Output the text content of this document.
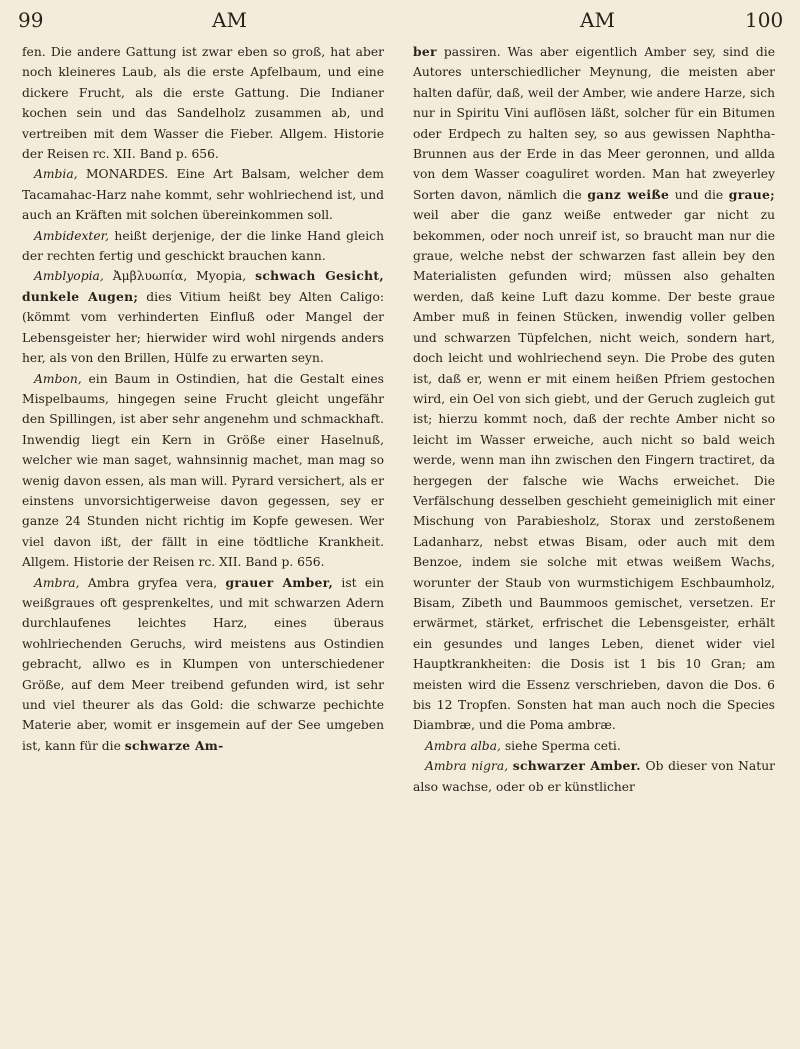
99	AM	AM	100

fen. Die andere Gattung ist zwar eben so groß, hat aber noch kleineres Laub, als die erste Apfelbaum, und eine dickere Frucht, als die erste Gattung. Die Indianer kochen sein und das Sandelholz zusammen ab, und vertreiben mit dem Wasser die Fieber. Allgem. Historie der Reisen rc. XII. Band p. 656.

Ambia, MONARDES. Eine Art Balsam, welcher dem Tacamahac-Harz nahe kommt, sehr wohlriechend ist, und auch an Kräften mit solchen übereinkommen soll.

Ambidexter, heißt derjenige, der die linke Hand gleich der rechten fertig und geschickt brauchen kann.

Amblyopia, Ἀμβλυωπία, Myopia, schwach Gesicht, dunkele Augen; dies Vitium heißt bey Alten Caligo: (kömmt vom verhinderten Einfluß oder Mangel der Lebensgeister her; hierwider wird wohl nirgends anders her, als von den Brillen, Hülfe zu erwarten seyn.

Ambon, ein Baum in Ostindien, hat die Gestalt eines Mispelbaums, hingegen seine Frucht gleicht ungefähr den Spillingen, ist aber sehr angenehm und schmackhaft. Inwendig liegt ein Kern in Größe einer Haselnuß, welcher wie man saget, wahnsinnig machet, man mag so wenig davon essen, als man will. Pyrard versichert, als er einstens unvorsichtigerweise davon gegessen, sey er ganze 24 Stunden nicht richtig im Kopfe gewesen. Wer viel davon ißt, der fällt in eine tödtliche Krankheit. Allgem. Historie der Reisen rc. XII. Band p. 656.

Ambra, Ambra gryfea vera, grauer Amber, ist ein weißgraues oft gesprenkeltes, und mit schwarzen Adern durchlaufenes leichtes Harz, eines überaus wohlriechenden Geruchs, wird meistens aus Ostindien gebracht, allwo es in Klumpen von unterschiedener Größe, auf dem Meer treibend gefunden wird, ist sehr und viel theurer als das Gold: die schwarze pechichte Materie aber, womit er insgemein auf der See umgeben ist, kann für die schwarze Am-

ber passiren. Was aber eigentlich Amber sey, sind die Autores unterschiedlicher Meynung, die meisten aber halten dafür, daß, weil der Amber, wie andere Harze, sich nur in Spiritu Vini auflösen läßt, solcher für ein Bitumen oder Erdpech zu halten sey, so aus gewissen Naphtha-Brunnen aus der Erde in das Meer geronnen, und allda von dem Wasser coaguliret worden. Man hat zweyerley Sorten davon, nämlich die ganz weiße und die graue; weil aber die ganz weiße entweder gar nicht zu bekommen, oder noch unreif ist, so braucht man nur die graue, welche nebst der schwarzen fast allein bey den Materialisten gefunden wird; müssen also gehalten werden, daß keine Luft dazu komme. Der beste graue Amber muß in feinen Stücken, inwendig voller gelben und schwarzen Tüpfelchen, nicht weich, sondern hart, doch leicht und wohlriechend seyn. Die Probe des guten ist, daß er, wenn er mit einem heißen Pfriem gestochen wird, ein Oel von sich giebt, und der Geruch zugleich gut ist; hierzu kommt noch, daß der rechte Amber nicht so leicht im Wasser erweiche, auch nicht so bald weich werde, wenn man ihn zwischen den Fingern tractiret, da hergegen der falsche wie Wachs erweichet. Die Verfälschung desselben geschieht gemeiniglich mit einer Mischung von Parabiesholz, Storax und zerstoßenem Ladanharz, nebst etwas Bisam, oder auch mit dem Benzoe, indem sie solche mit etwas weißem Wachs, worunter der Staub von wurmstichigem Eschbaumholz, Bisam, Zibeth und Baummoos gemischet, versetzen. Er erwärmet, stärket, erfrischet die Lebensgeister, erhält ein gesundes und langes Leben, dienet wider viel Hauptkrankheiten: die Dosis ist 1 bis 10 Gran; am meisten wird die Essenz verschrieben, davon die Dos. 6 bis 12 Tropfen. Sonsten hat man auch noch die Species Diambræ, und die Poma ambræ.

Ambra alba, siehe Sperma ceti.

Ambra nigra, schwarzer Amber. Ob dieser von Natur also wachse, oder ob er künstlicher
